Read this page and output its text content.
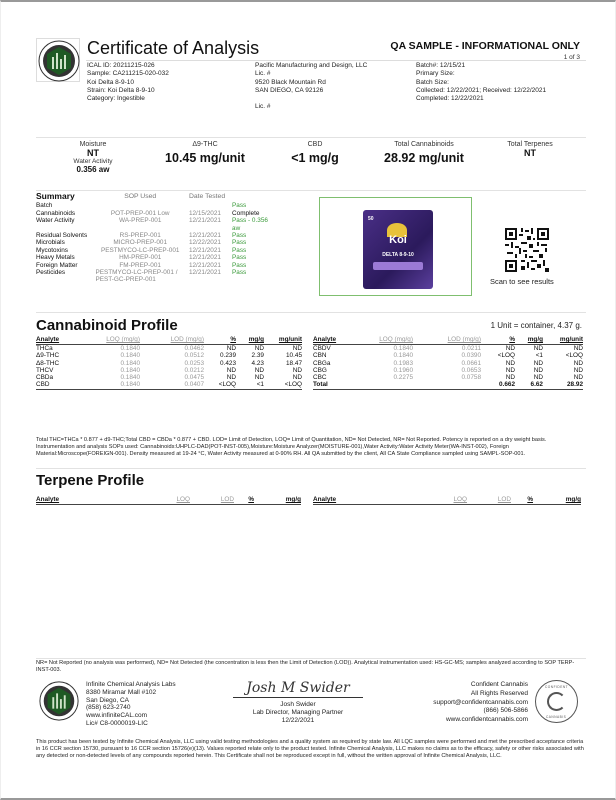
Certificate of Analysis	QA SAMPLE - INFORMATIONAL ONLY
1 of 3
ICAL ID: 20211215-026
Sample: CA211215-020-032
Koi Delta 8-9-10
Strain: Koi Delta 8-9-10
Category: Ingestible
Pacific Manufacturing and Design, LLC
Lic. #
9520 Black Mountain Rd
SAN DIEGO, CA 92126
Lic. #
Batch#: 12/15/21
Primary Size:
Batch Size:
Collected: 12/22/2021; Received: 12/22/2021
Completed: 12/22/2021
Moisture
NT
Water Activity
0.356 aw
Δ9-THC
10.45 mg/unit
CBD
<1 mg/g
Total Cannabinoids
28.92 mg/unit
Total Terpenes
NT
Summary	SOP Used	Date Tested	
Batch			Pass
Cannabinoids	POT-PREP-001 Low	12/15/2021	Complete
Water Activity	WA-PREP-001	12/21/2021	Pass - 0.356 aw
Residual Solvents	RS-PREP-001	12/21/2021	Pass
Microbials	MICRO-PREP-001	12/22/2021	Pass
Mycotoxins	PESTMYCO-LC-PREP-001	12/21/2021	Pass
Heavy Metals	HM-PREP-001	12/21/2021	Pass
Foreign Matter	FM-PREP-001	12/21/2021	Pass
Pesticides	PESTMYCO-LC-PREP-001 / PEST-GC-PREP-001	12/21/2021	Pass
50
Koi
DELTA 8-9-10
Scan to see results
Cannabinoid Profile	1 Unit = container, 4.37 g.
Analyte	LOQ (mg/g)	LOD (mg/g)	%	mg/g	mg/unit
THCa	0.1840	0.0462	ND	ND	ND
Δ9-THC	0.1840	0.0512	0.239	2.39	10.45
Δ8-THC	0.1840	0.0253	0.423	4.23	18.47
THCV	0.1840	0.0212	ND	ND	ND
CBDa	0.1840	0.0475	ND	ND	ND
CBD	0.1840	0.0407	<LOQ	<1	<LOQ
Analyte	LOQ (mg/g)	LOD (mg/g)	%	mg/g	mg/unit
CBDV	0.1840	0.0211	ND	ND	ND
CBN	0.1840	0.0390	<LOQ	<1	<LOQ
CBGa	0.1983	0.0661	ND	ND	ND
CBG	0.1960	0.0653	ND	ND	ND
CBC	0.2275	0.0758	ND	ND	ND
Total			0.662	6.62	28.92
Total THC=THCa * 0.877 + d9-THC;Total CBD = CBDa * 0.877 + CBD. LOD= Limit of Detection, LOQ= Limit of Quantitation, ND= Not Detected, NR= Not Reported. Potency is reported on a dry weight basis. Instrumentation and analysis SOPs used: Cannabinoids:UHPLC-DAD(POT-INST-005),Moisture:Moisture Analyzer(MOISTURE-001),Water Activity:Water Activity Meter(WA-INST-002), Foreign Material:Microscope(FOREIGN-001). Density measured at 19-24 °C, Water Activity measured at 0-90% RH. All QA submitted by the client, All CA State Compliance sampled using SAMPL-SOP-001.
Terpene Profile
Analyte	LOQ	LOD	%	mg/g Analyte	LOQ	LOD	%	mg/g
NR= Not Reported (no analysis was performed), ND= Not Detected (the concentration is less then the Limit of Detection (LOD)). Analytical instrumentation used: HS-GC-MS; samples analyzed according to SOP TERP-INST-003.
Infinite Chemical Analysis Labs
8380 Miramar Mall #102
San Diego, CA
(858) 623-2740
www.infiniteCAL.com
Lic# C8-0000019-LIC
Josh M Swider
Josh Swider
Lab Director, Managing Partner
12/22/2021
Confident Cannabis
All Rights Reserved
support@confidentcannabis.com
(866) 506-5866
www.confidentcannabis.com
CONFIDENT
CANNABIS
This product has been tested by Infinite Chemical Analysis, LLC using valid testing methodologies and a quality system as required by state law. All LQC samples were performed and met the prescribed acceptance criteria in 16 CCR section 15730, pursuant to 16 CCR section 15726(e)(13). Values reported relate only to the product tested. Infinite Chemical Analysis, LLC makes no claims as to the efficacy, safety or other risks associated with any detected or non-detected levels of any compounds reported herein. This Certificate shall not be reproduced except in full, without the written approval of Infinite Chemical Analysis, LLC.
